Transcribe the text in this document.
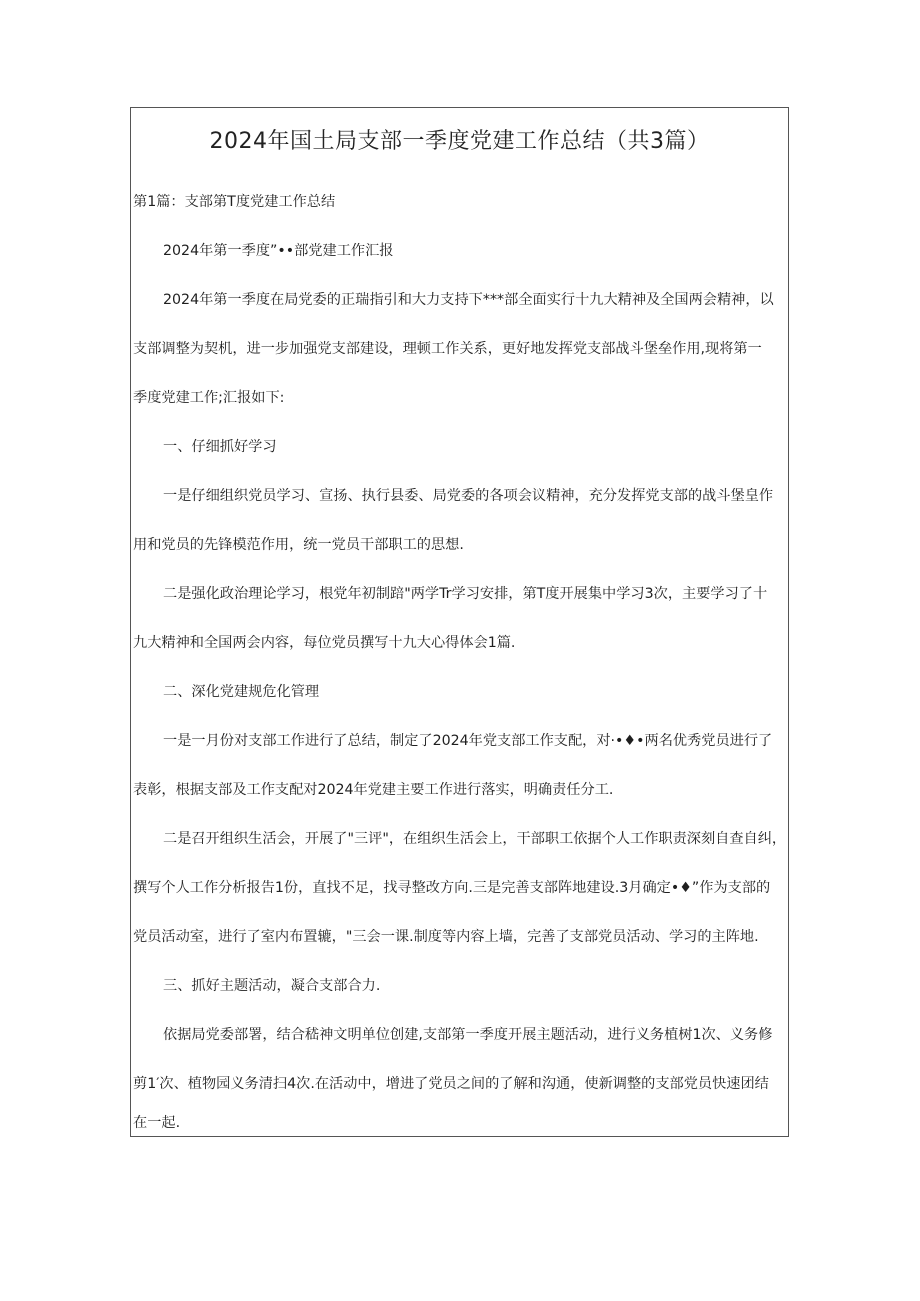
2024年国土局支部一季度党建工作总结（共3篇）
第1篇：支部第T度党建工作总结
2024年第一季度”••部党建工作汇报
2024年第一季度在局党委的正瑞指引和大力支持下***部全面实行十九大精神及全国两会精神，以
支部调整为契机，进一步加强党支部建设，理顿工作关系，更好地发挥党支部战斗堡垒作用,现将第一
季度党建工作;汇报如下:
一、仔细抓好学习
一是仔细组织党员学习、宣扬、执行县委、局党委的各项会议精神，充分发挥党支部的战斗堡皇作
用和党员的先锋模范作用，统一党员干部职工的思想.
二是强化政治理论学习，根党年初制踣"两学Tr学习安排，第T度开展集中学习3次，主要学习了十
九大精神和全国两会内容，每位党员撰写十九大心得体会1篇.
二、深化党建规危化管理
一是一月份对支部工作进行了总结，制定了2024年党支部工作支配，对·•♦•两名优秀党员进行了
表彰，根据支部及工作支配对2024年党建主要工作进行落实，明确责任分工.
二是召开组织生活会，开展了"三评"，在组织生活会上，干部职工依据个人工作职责深刻自查自纠，
撰写个人工作分析报告1份，直找不足，找寻整改方向.三是完善支部阵地建设.3月确定•♦”作为支部的
党员活动室，进行了室内布置辘，"三会一课.制度等内容上墙，完善了支部党员活动、学习的主阵地.
三、抓好主题活动，凝合支部合力.
依据局党委部署，结合嵇神文明单位创建,支部第一季度开展主题活动，进行义务植树1次、义务修
剪1′次、植物园义务清扫4次.在活动中，增进了党员之间的了解和沟通，使新调整的支部党员快速团结
在一起.
